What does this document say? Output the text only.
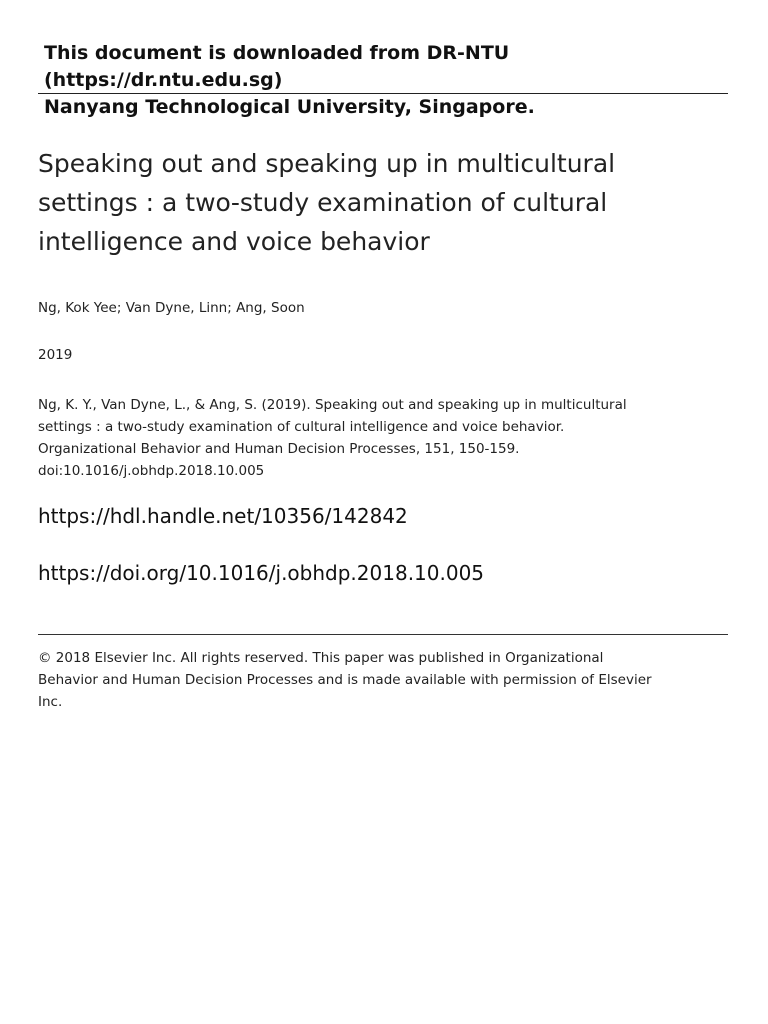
This document is downloaded from DR‑NTU (https://dr.ntu.edu.sg)
Nanyang Technological University, Singapore.
Speaking out and speaking up in multicultural settings : a two‑study examination of cultural intelligence and voice behavior
Ng, Kok Yee; Van Dyne, Linn; Ang, Soon
2019
Ng, K. Y., Van Dyne, L., & Ang, S. (2019). Speaking out and speaking up in multicultural
settings : a two‑study examination of cultural intelligence and voice behavior.
Organizational Behavior and Human Decision Processes, 151, 150‑159.
doi:10.1016/j.obhdp.2018.10.005
https://hdl.handle.net/10356/142842
https://doi.org/10.1016/j.obhdp.2018.10.005
© 2018 Elsevier Inc. All rights reserved. This paper was published in Organizational
Behavior and Human Decision Processes and is made available with permission of Elsevier
Inc.
